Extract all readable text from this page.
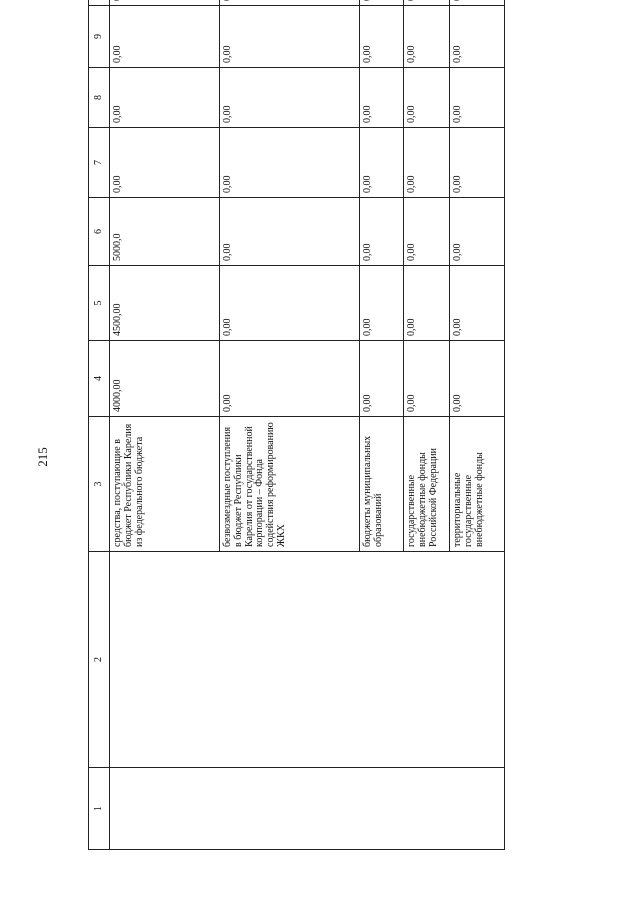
215
1	2	3	4	5	6	7	8	9	
		средства, поступающие в бюджет Республики Карелия из федерального бюджета	4000,00	4500,00	5000,0	0,00	0,00	0,00	
		безвозмездные поступления в бюджет Республики Карелия от государственной корпорации – Фонда содействия реформированию ЖКХ	0,00	0,00	0,00	0,00	0,00	0,00	
		бюджеты муниципальных образований	0,00	0,00	0,00	0,00	0,00	0,00	
		государственные внебюджетные фонды Российской Федерации	0,00	0,00	0,00	0,00	0,00	0,00	
		территориальные государственные внебюджетные фонды	0,00	0,00	0,00	0,00	0,00	0,00	
